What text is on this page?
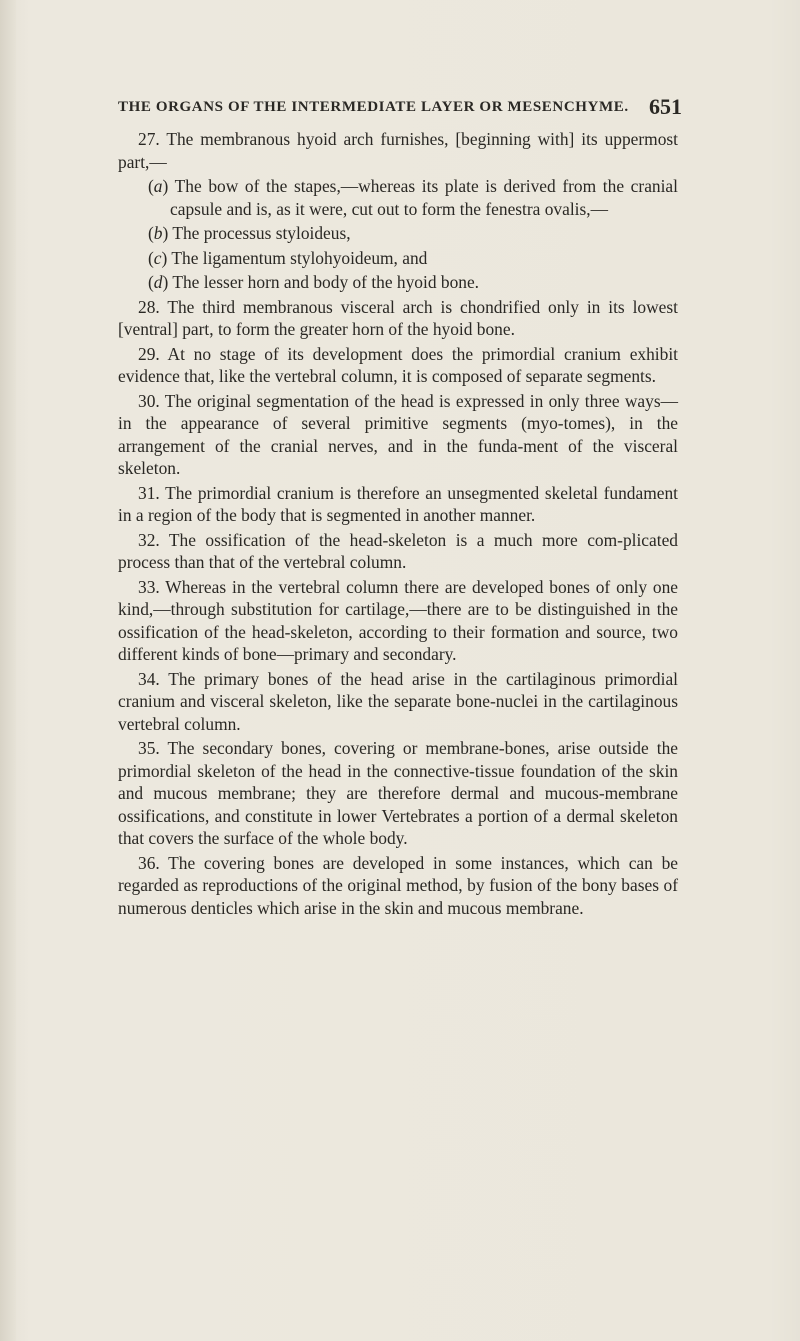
THE ORGANS OF THE INTERMEDIATE LAYER OR MESENCHYME. 651

27. The membranous hyoid arch furnishes, [beginning with] its uppermost part,—

(a) The bow of the stapes,—whereas its plate is derived from the cranial capsule and is, as it were, cut out to form the fenestra ovalis,—

(b) The processus styloideus,

(c) The ligamentum stylohyoideum, and

(d) The lesser horn and body of the hyoid bone.

28. The third membranous visceral arch is chondrified only in its lowest [ventral] part, to form the greater horn of the hyoid bone.

29. At no stage of its development does the primordial cranium exhibit evidence that, like the vertebral column, it is composed of separate segments.

30. The original segmentation of the head is expressed in only three ways—in the appearance of several primitive segments (myo-tomes), in the arrangement of the cranial nerves, and in the funda-ment of the visceral skeleton.

31. The primordial cranium is therefore an unsegmented skeletal fundament in a region of the body that is segmented in another manner.

32. The ossification of the head-skeleton is a much more com-plicated process than that of the vertebral column.

33. Whereas in the vertebral column there are developed bones of only one kind,—through substitution for cartilage,—there are to be distinguished in the ossification of the head-skeleton, according to their formation and source, two different kinds of bone—primary and secondary.

34. The primary bones of the head arise in the cartilaginous primordial cranium and visceral skeleton, like the separate bone-nuclei in the cartilaginous vertebral column.

35. The secondary bones, covering or membrane-bones, arise outside the primordial skeleton of the head in the connective-tissue foundation of the skin and mucous membrane; they are therefore dermal and mucous-membrane ossifications, and constitute in lower Vertebrates a portion of a dermal skeleton that covers the surface of the whole body.

36. The covering bones are developed in some instances, which can be regarded as reproductions of the original method, by fusion of the bony bases of numerous denticles which arise in the skin and mucous membrane.
